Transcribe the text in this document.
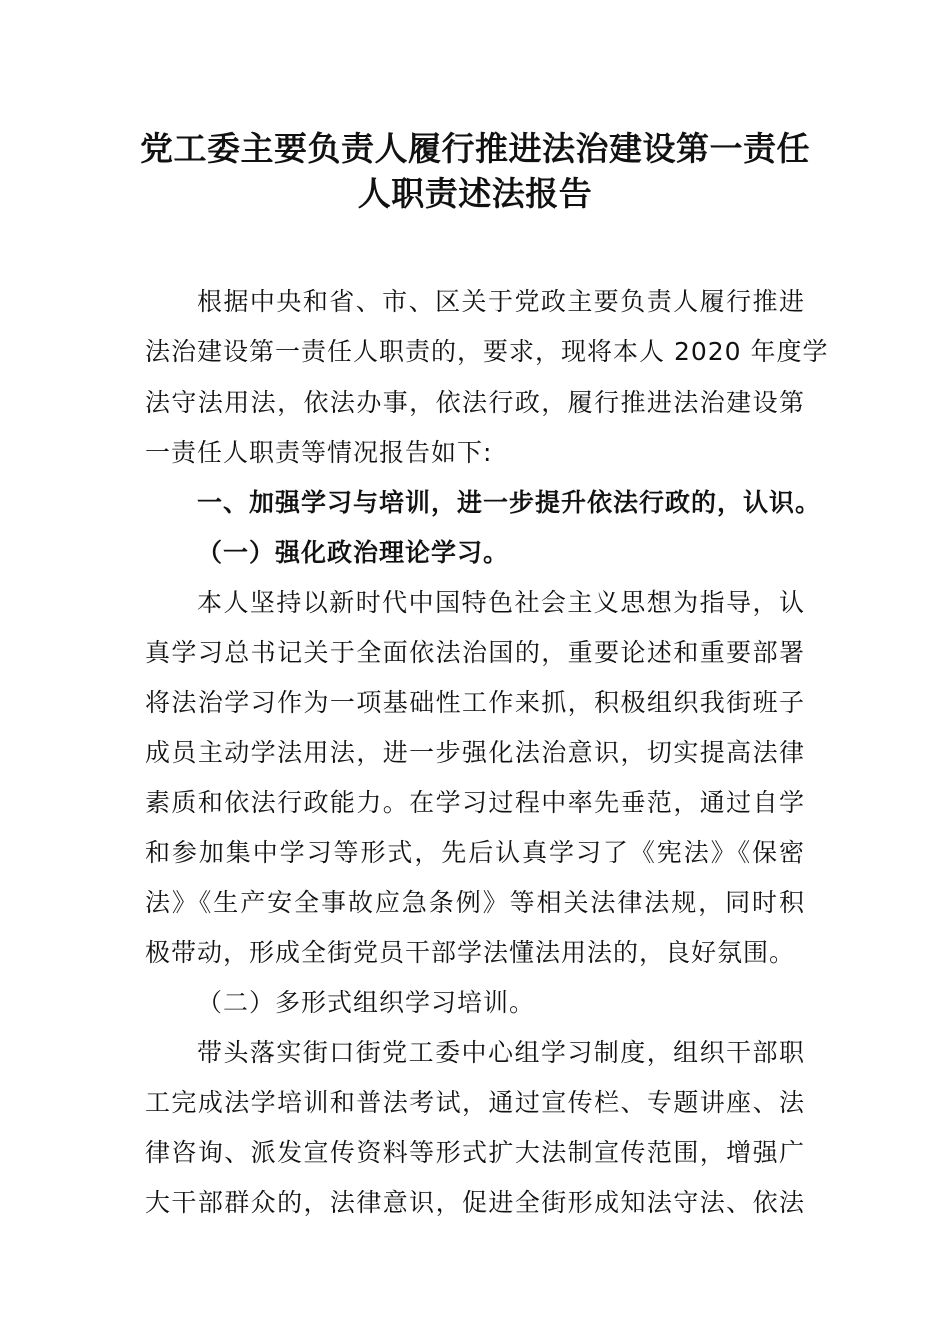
党工委主要负责人履行推进法治建设第一责任
人职责述法报告
根据中央和省、市、区关于党政主要负责人履行推进
法治建设第一责任人职责的，要求，现将本人 2020 年度学
法守法用法，依法办事，依法行政，履行推进法治建设第
一责任人职责等情况报告如下:
一、加强学习与培训，进一步提升依法行政的，认识。
（一）强化政治理论学习。
本人坚持以新时代中国特色社会主义思想为指导，认
真学习总书记关于全面依法治国的，重要论述和重要部署
将法治学习作为一项基础性工作来抓，积极组织我街班子
成员主动学法用法，进一步强化法治意识，切实提高法律
素质和依法行政能力。在学习过程中率先垂范，通过自学
和参加集中学习等形式，先后认真学习了《宪法》《保密
法》《生产安全事故应急条例》等相关法律法规，同时积
极带动，形成全街党员干部学法懂法用法的，良好氛围。
（二）多形式组织学习培训。
带头落实街口街党工委中心组学习制度，组织干部职
工完成法学培训和普法考试，通过宣传栏、专题讲座、法
律咨询、派发宣传资料等形式扩大法制宣传范围，增强广
大干部群众的，法律意识，促进全街形成知法守法、依法
